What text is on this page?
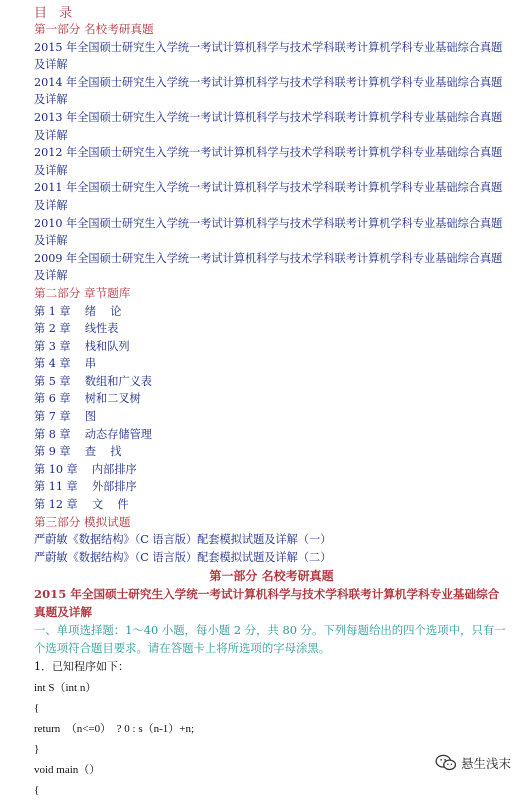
目 录
第一部分 名校考研真题
2015 年全国硕士研究生入学统一考试计算机科学与技术学科联考计算机学科专业基础综合真题及详解
2014 年全国硕士研究生入学统一考试计算机科学与技术学科联考计算机学科专业基础综合真题及详解
2013 年全国硕士研究生入学统一考试计算机科学与技术学科联考计算机学科专业基础综合真题及详解
2012 年全国硕士研究生入学统一考试计算机科学与技术学科联考计算机学科专业基础综合真题及详解
2011 年全国硕士研究生入学统一考试计算机科学与技术学科联考计算机学科专业基础综合真题及详解
2010 年全国硕士研究生入学统一考试计算机科学与技术学科联考计算机学科专业基础综合真题及详解
2009 年全国硕士研究生入学统一考试计算机科学与技术学科联考计算机学科专业基础综合真题及详解
第二部分 章节题库
第 1 章    绪    论
第 2 章    线性表
第 3 章    栈和队列
第 4 章    串
第 5 章    数组和广义表
第 6 章    树和二叉树
第 7 章    图
第 8 章    动态存储管理
第 9 章    查    找
第 10 章    内部排序
第 11 章    外部排序
第 12 章    文    件
第三部分 模拟试题
严蔚敏《数据结构》（C 语言版）配套模拟试题及详解（一）
严蔚敏《数据结构》（C 语言版）配套模拟试题及详解（二）
第一部分 名校考研真题
2015 年全国硕士研究生入学统一考试计算机科学与技术学科联考计算机学科专业基础综合真题及详解
一、单项选择题：1～40 小题，每小题 2 分，共 80 分。下列每题给出的四个选项中，只有一个选项符合题目要求。请在答题卡上将所选项的字母涂黑。
1．已知程序如下：
int S（int n）
{
return  （n<=0）  ? 0 : s（n-1）+n;
}
void main（）
{
悬生浅末
